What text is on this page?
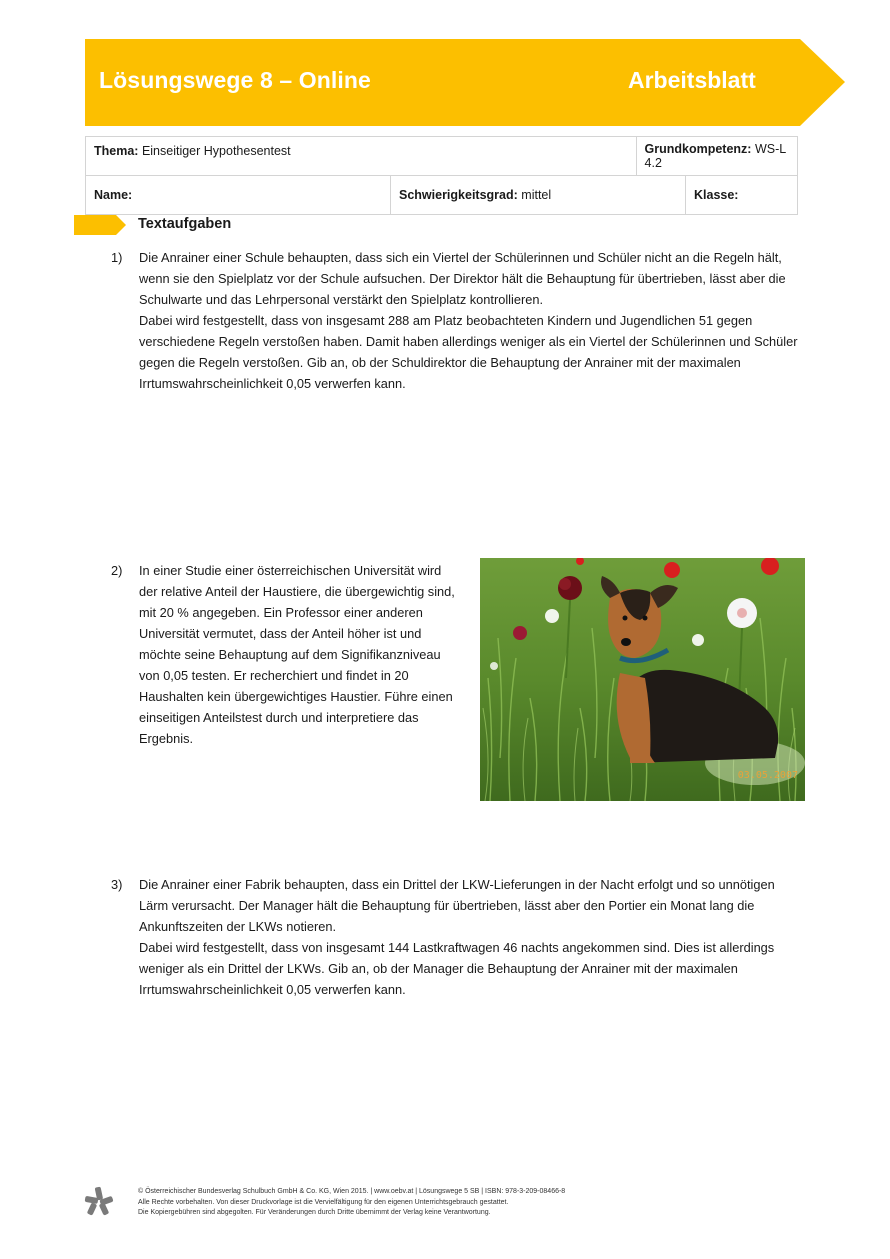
Lösungswege 8 – Online	Arbeitsblatt
Thema: Einseitiger Hypothesentest		Grundkompetenz: WS-L 4.2	
Name:	Schwierigkeitsgrad: mittel		Klasse:
Textaufgaben
1) Die Anrainer einer Schule behaupten, dass sich ein Viertel der Schülerinnen und Schüler nicht an die Regeln hält,

wenn sie den Spielplatz vor der Schule aufsuchen. Der Direktor hält die Behauptung für übertrieben, lässt aber die

Schulwarte und das Lehrpersonal verstärkt den Spielplatz kontrollieren.

Dabei wird festgestellt, dass von insgesamt 288 am Platz beobachteten Kindern und Jugendlichen 51 gegen

verschiedene Regeln verstoßen haben. Damit haben allerdings weniger als ein Viertel der Schülerinnen und Schüler

gegen die Regeln verstoßen. Gib an, ob der Schuldirektor die Behauptung der Anrainer mit der maximalen

Irrtumswahrscheinlichkeit 0,05 verwerfen kann.

2) In einer Studie einer österreichischen Universität wird

der relative Anteil der Haustiere, die übergewichtig sind,

mit 20 % angegeben. Ein Professor einer anderen

Universität vermutet, dass der Anteil höher ist und

möchte seine Behauptung auf dem Signifikanzniveau

von 0,05 testen. Er recherchiert und findet in 20

Haushalten kein übergewichtiges Haustier. Führe einen

einseitigen Anteilstest durch und interpretiere das

Ergebnis.

03.05.2007
3) Die Anrainer einer Fabrik behaupten, dass ein Drittel der LKW-Lieferungen in der Nacht erfolgt und so unnötigen

Lärm verursacht. Der Manager hält die Behauptung für übertrieben, lässt aber den Portier ein Monat lang die

Ankunftszeiten der LKWs notieren.

Dabei wird festgestellt, dass von insgesamt 144 Lastkraftwagen 46 nachts angekommen sind. Dies ist allerdings

weniger als ein Drittel der LKWs. Gib an, ob der Manager die Behauptung der Anrainer mit der maximalen

Irrtumswahrscheinlichkeit 0,05 verwerfen kann.

© Österreichischer Bundesverlag Schulbuch GmbH & Co. KG, Wien 2015. | www.oebv.at | Lösungswege 5 SB | ISBN: 978-3-209-08466-8
Alle Rechte vorbehalten. Von dieser Druckvorlage ist die Vervielfältigung für den eigenen Unterrichtsgebrauch gestattet.
Die Kopiergebühren sind abgegolten. Für Veränderungen durch Dritte übernimmt der Verlag keine Verantwortung.
